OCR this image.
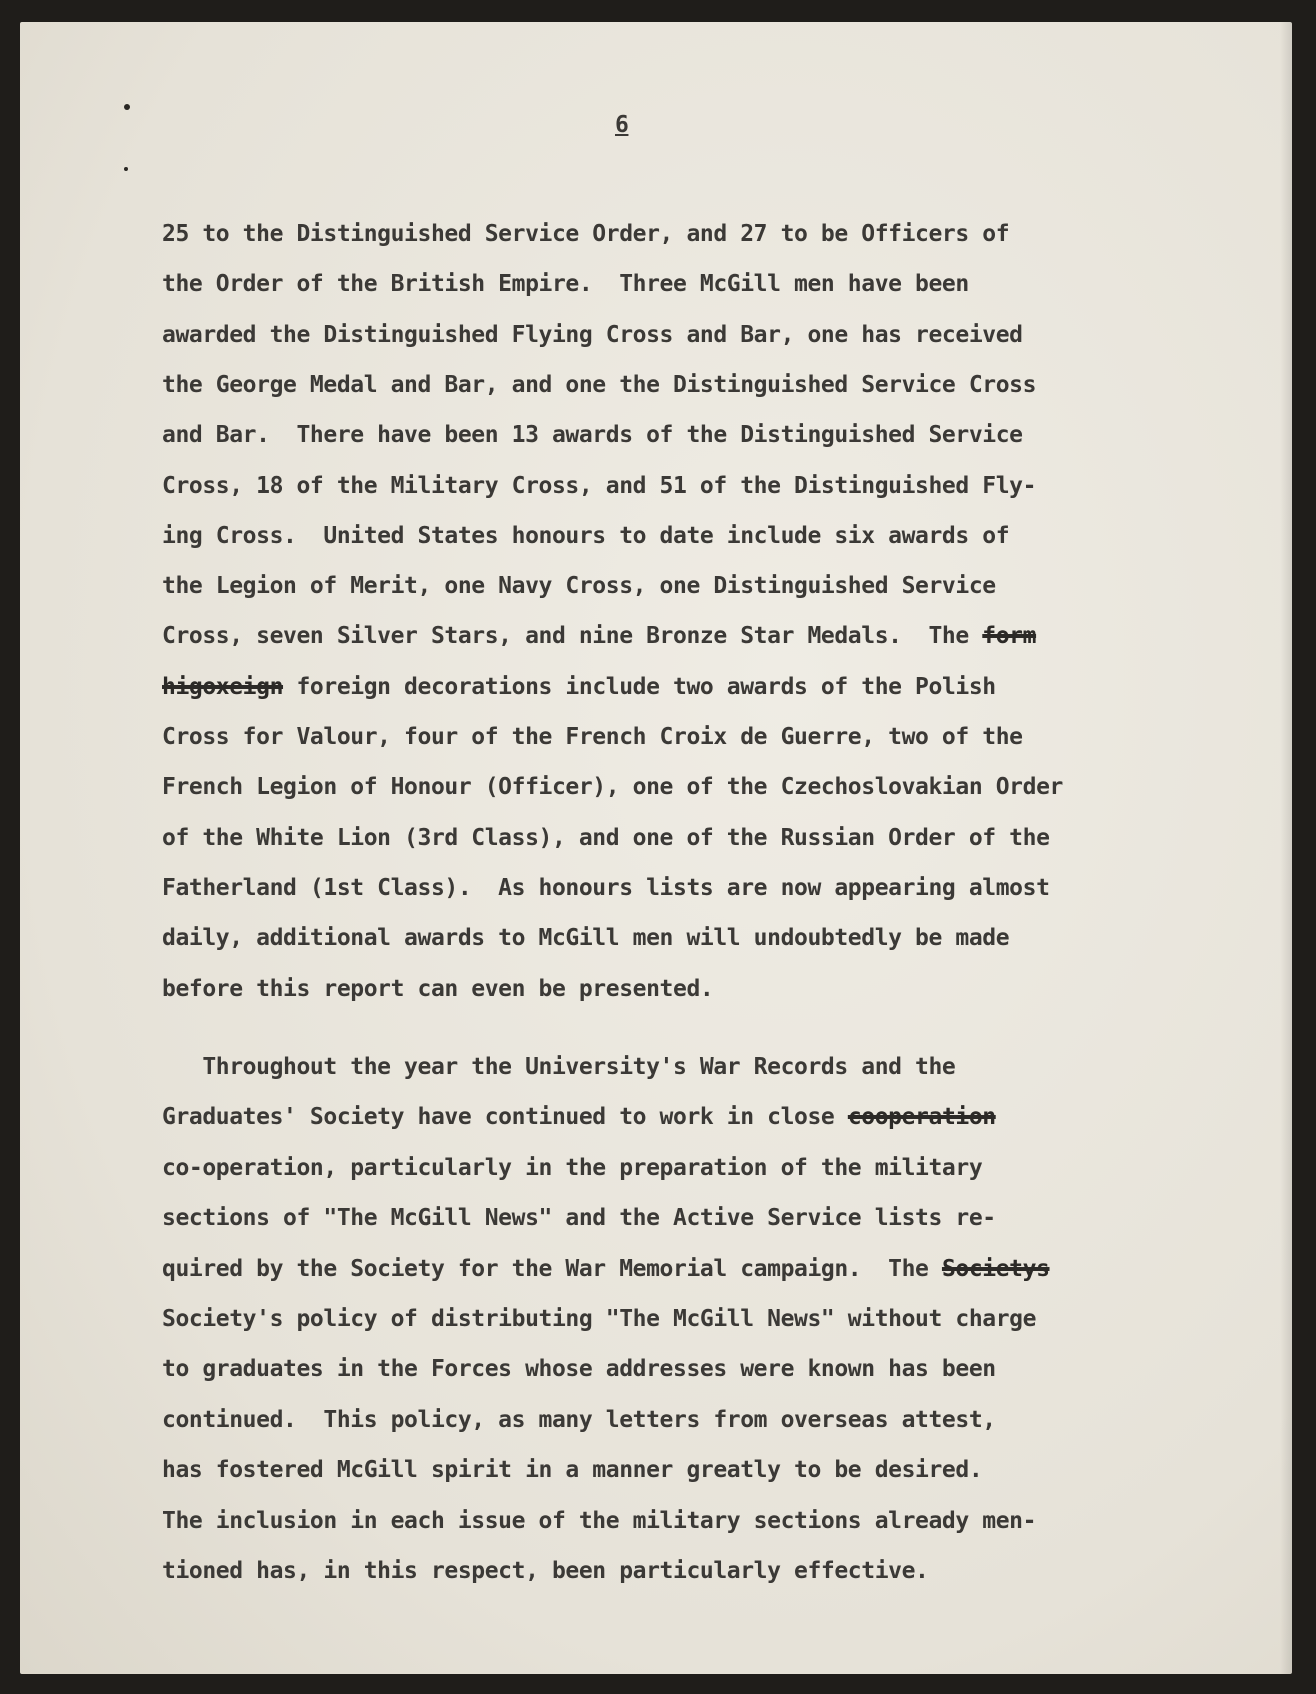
6
25 to the Distinguished Service Order, and 27 to be Officers of
the Order of the British Empire.  Three McGill men have been
awarded the Distinguished Flying Cross and Bar, one has received
the George Medal and Bar, and one the Distinguished Service Cross
and Bar.  There have been 13 awards of the Distinguished Service
Cross, 18 of the Military Cross, and 51 of the Distinguished Fly-
ing Cross.  United States honours to date include six awards of
the Legion of Merit, one Navy Cross, one Distinguished Service
Cross, seven Silver Stars, and nine Bronze Star Medals.  The form
higoxeign foreign decorations include two awards of the Polish
Cross for Valour, four of the French Croix de Guerre, two of the
French Legion of Honour (Officer), one of the Czechoslovakian Order
of the White Lion (3rd Class), and one of the Russian Order of the
Fatherland (1st Class).  As honours lists are now appearing almost
daily, additional awards to McGill men will undoubtedly be made
before this report can even be presented.
Throughout the year the University's War Records and the
Graduates' Society have continued to work in close cooperation
co-operation, particularly in the preparation of the military
sections of "The McGill News" and the Active Service lists re-
quired by the Society for the War Memorial campaign.  The Societys
Society's policy of distributing "The McGill News" without charge
to graduates in the Forces whose addresses were known has been
continued.  This policy, as many letters from overseas attest,
has fostered McGill spirit in a manner greatly to be desired.
The inclusion in each issue of the military sections already men-
tioned has, in this respect, been particularly effective.
